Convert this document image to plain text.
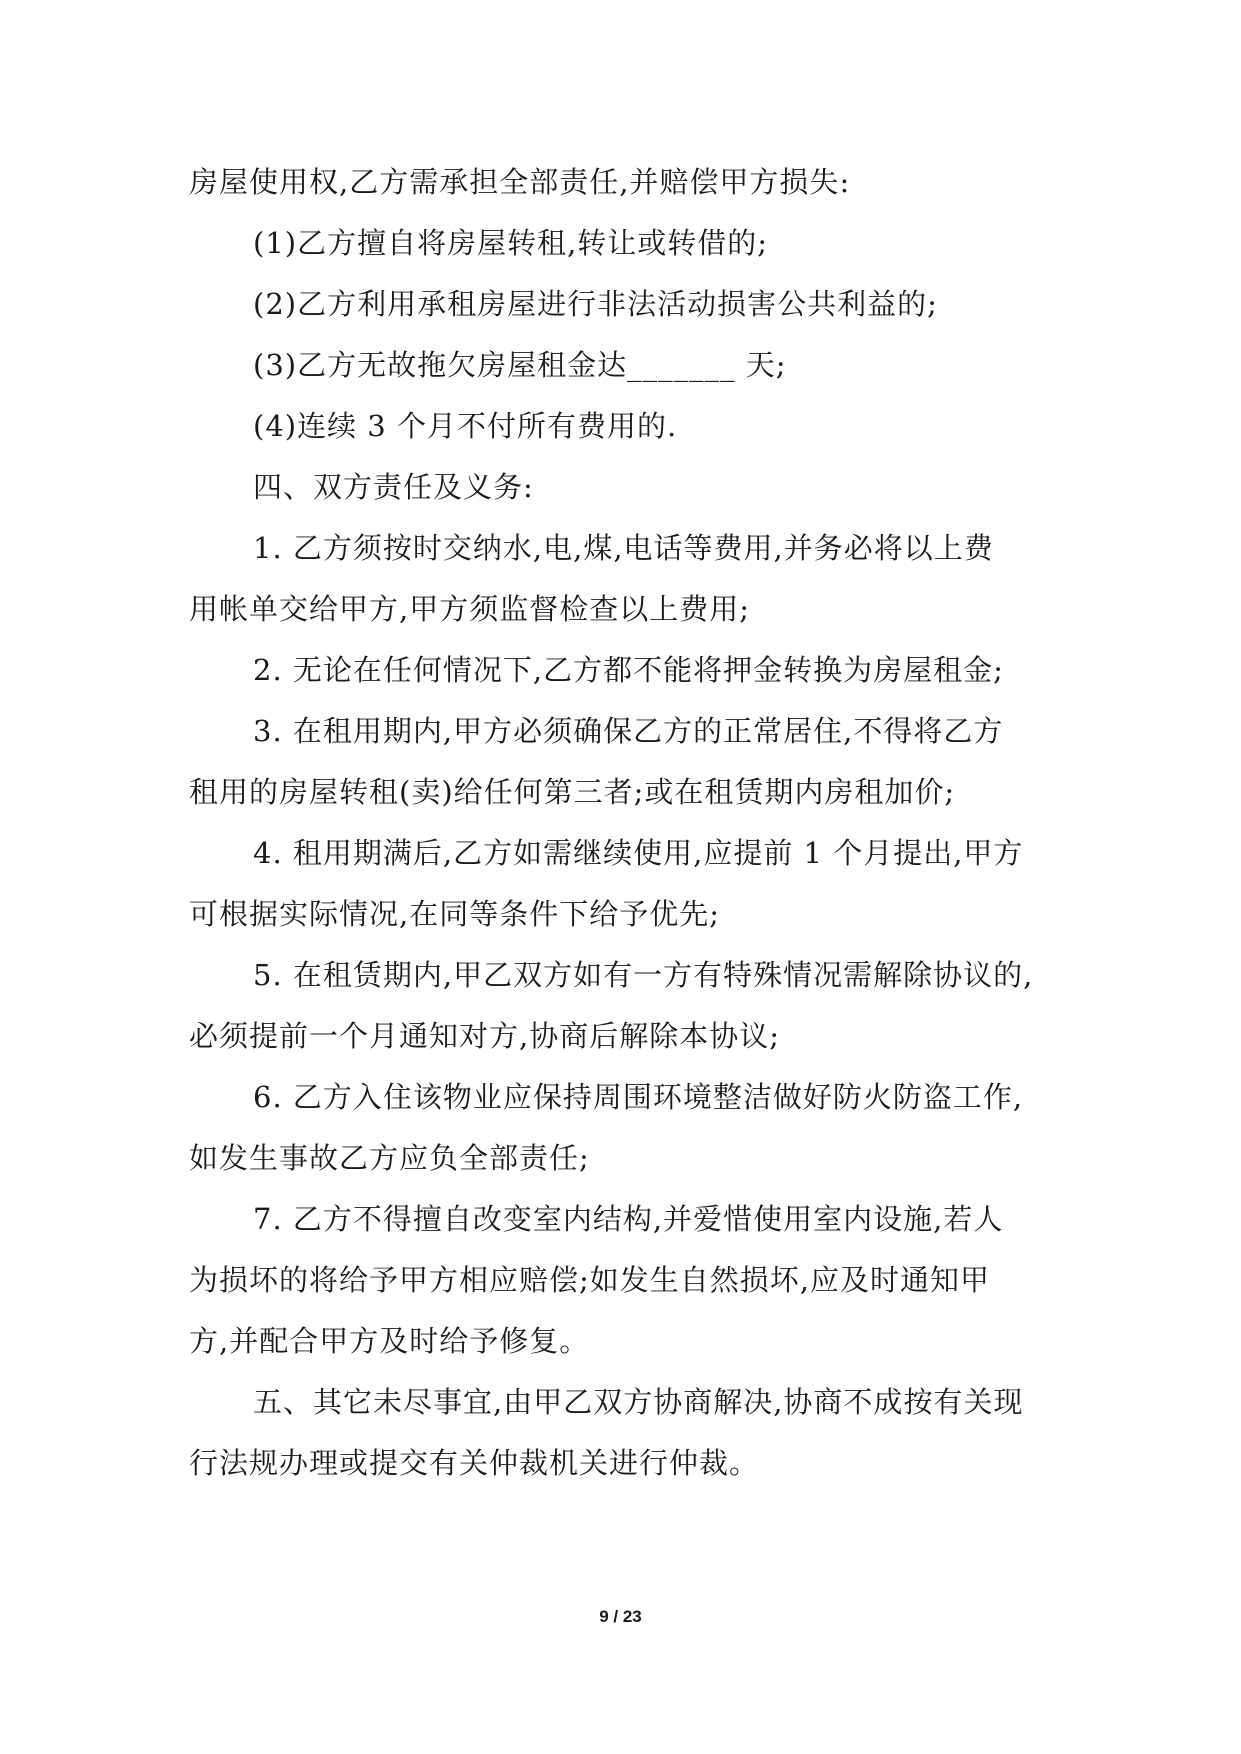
房屋使用权,乙方需承担全部责任,并赔偿甲方损失:

(1)乙方擅自将房屋转租,转让或转借的;

(2)乙方利用承租房屋进行非法活动损害公共利益的;

(3)乙方无故拖欠房屋租金达_______ 天;

(4)连续 3 个月不付所有费用的.

四、双方责任及义务:

1. 乙方须按时交纳水,电,煤,电话等费用,并务必将以上费

用帐单交给甲方,甲方须监督检查以上费用;

2. 无论在任何情况下,乙方都不能将押金转换为房屋租金;

3. 在租用期内,甲方必须确保乙方的正常居住,不得将乙方

租用的房屋转租(卖)给任何第三者;或在租赁期内房租加价;

4. 租用期满后,乙方如需继续使用,应提前 1 个月提出,甲方

可根据实际情况,在同等条件下给予优先;

5. 在租赁期内,甲乙双方如有一方有特殊情况需解除协议的,

必须提前一个月通知对方,协商后解除本协议;

6. 乙方入住该物业应保持周围环境整洁做好防火防盗工作,

如发生事故乙方应负全部责任;

7. 乙方不得擅自改变室内结构,并爱惜使用室内设施,若人

为损坏的将给予甲方相应赔偿;如发生自然损坏,应及时通知甲

方,并配合甲方及时给予修复。

五、其它未尽事宜,由甲乙双方协商解决,协商不成按有关现

行法规办理或提交有关仲裁机关进行仲裁。

9 / 23
